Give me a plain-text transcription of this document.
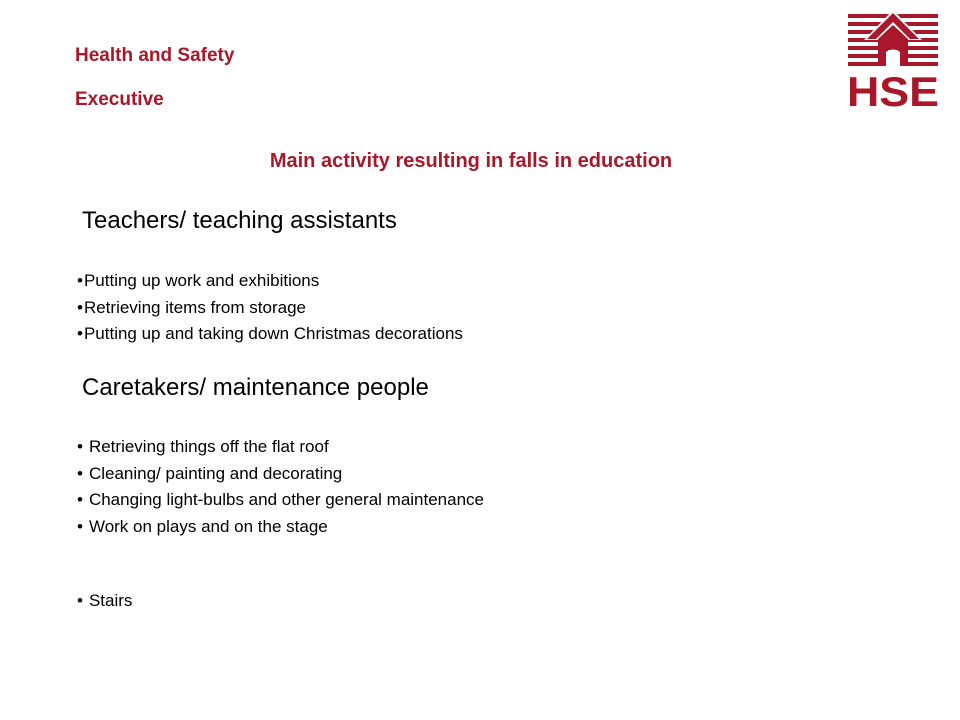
Health and Safety

Executive	HSE
Main activity resulting in falls in education
Teachers/ teaching assistants
•Putting up work and exhibitions
•Retrieving items from storage
•Putting up and taking down Christmas decorations
Caretakers/ maintenance people
• Retrieving things off the flat roof
• Cleaning/ painting and decorating
• Changing light-bulbs and other general maintenance
• Work on plays and on the stage
• Stairs
